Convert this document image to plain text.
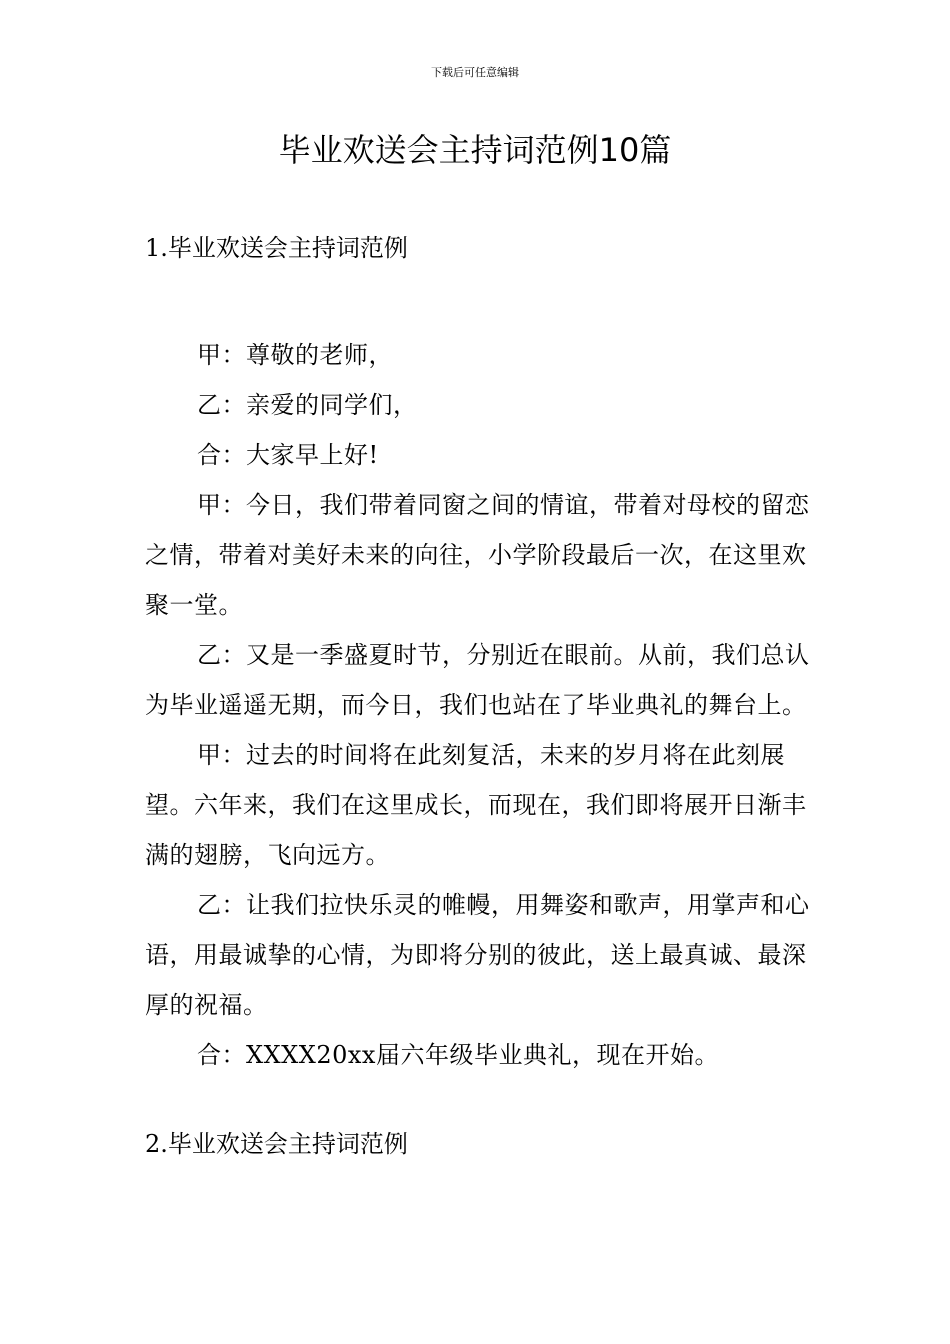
下载后可任意编辑
毕业欢送会主持词范例10篇
1.毕业欢送会主持词范例

甲：尊敬的老师，

乙：亲爱的同学们，

合：大家早上好!

甲：今日，我们带着同窗之间的情谊，带着对母校的留恋之情，带着对美好未来的向往，小学阶段最后一次，在这里欢聚一堂。

乙：又是一季盛夏时节，分别近在眼前。从前，我们总认为毕业遥遥无期，而今日，我们也站在了毕业典礼的舞台上。

甲：过去的时间将在此刻复活，未来的岁月将在此刻展望。六年来，我们在这里成长，而现在，我们即将展开日渐丰满的翅膀，飞向远方。

乙：让我们拉快乐灵的帷幔，用舞姿和歌声，用掌声和心语，用最诚挚的心情，为即将分别的彼此，送上最真诚、最深厚的祝福。

合：XXXX20xx届六年级毕业典礼，现在开始。

2.毕业欢送会主持词范例
